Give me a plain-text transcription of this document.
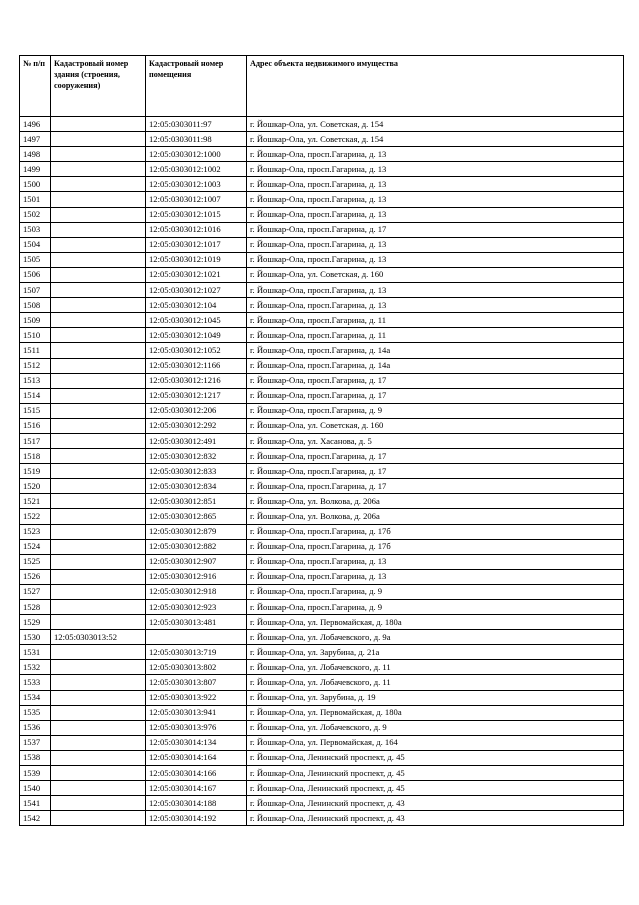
№ п/п	Кадастровый номер здания (строения, сооружения)	Кадастровый номер помещения	Адрес объекта недвижимого имущества
1496		12:05:0303011:97	г. Йошкар-Ола, ул. Советская, д. 154
1497		12:05:0303011:98	г. Йошкар-Ола, ул. Советская, д. 154
1498		12:05:0303012:1000	г. Йошкар-Ола, просп.Гагарина, д. 13
1499		12:05:0303012:1002	г. Йошкар-Ола, просп.Гагарина, д. 13
1500		12:05:0303012:1003	г. Йошкар-Ола, просп.Гагарина, д. 13
1501		12:05:0303012:1007	г. Йошкар-Ола, просп.Гагарина, д. 13
1502		12:05:0303012:1015	г. Йошкар-Ола, просп.Гагарина, д. 13
1503		12:05:0303012:1016	г. Йошкар-Ола, просп.Гагарина, д. 17
1504		12:05:0303012:1017	г. Йошкар-Ола, просп.Гагарина, д. 13
1505		12:05:0303012:1019	г. Йошкар-Ола, просп.Гагарина, д. 13
1506		12:05:0303012:1021	г. Йошкар-Ола, ул. Советская, д. 160
1507		12:05:0303012:1027	г. Йошкар-Ола, просп.Гагарина, д. 13
1508		12:05:0303012:104	г. Йошкар-Ола, просп.Гагарина, д. 13
1509		12:05:0303012:1045	г. Йошкар-Ола, просп.Гагарина, д. 11
1510		12:05:0303012:1049	г. Йошкар-Ола, просп.Гагарина, д. 11
1511		12:05:0303012:1052	г. Йошкар-Ола, просп.Гагарина, д. 14а
1512		12:05:0303012:1166	г. Йошкар-Ола, просп.Гагарина, д. 14а
1513		12:05:0303012:1216	г. Йошкар-Ола, просп.Гагарина, д. 17
1514		12:05:0303012:1217	г. Йошкар-Ола, просп.Гагарина, д. 17
1515		12:05:0303012:206	г. Йошкар-Ола, просп.Гагарина, д. 9
1516		12:05:0303012:292	г. Йошкар-Ола, ул. Советская, д. 160
1517		12:05:0303012:491	г. Йошкар-Ола, ул. Хасанова, д. 5
1518		12:05:0303012:832	г. Йошкар-Ола, просп.Гагарина, д. 17
1519		12:05:0303012:833	г. Йошкар-Ола, просп.Гагарина, д. 17
1520		12:05:0303012:834	г. Йошкар-Ола, просп.Гагарина, д. 17
1521		12:05:0303012:851	г. Йошкар-Ола, ул. Волкова, д. 206а
1522		12:05:0303012:865	г. Йошкар-Ола, ул. Волкова, д. 206а
1523		12:05:0303012:879	г. Йошкар-Ола, просп.Гагарина, д. 17б
1524		12:05:0303012:882	г. Йошкар-Ола, просп.Гагарина, д. 17б
1525		12:05:0303012:907	г. Йошкар-Ола, просп.Гагарина, д. 13
1526		12:05:0303012:916	г. Йошкар-Ола, просп.Гагарина, д. 13
1527		12:05:0303012:918	г. Йошкар-Ола, просп.Гагарина, д. 9
1528		12:05:0303012:923	г. Йошкар-Ола, просп.Гагарина, д. 9
1529		12:05:0303013:481	г. Йошкар-Ола, ул. Первомайская, д. 180а
1530	12:05:0303013:52		г. Йошкар-Ола, ул. Лобачевского, д. 9а
1531		12:05:0303013:719	г. Йошкар-Ола, ул. Зарубина, д. 21а
1532		12:05:0303013:802	г. Йошкар-Ола, ул. Лобачевского, д. 11
1533		12:05:0303013:807	г. Йошкар-Ола, ул. Лобачевского, д. 11
1534		12:05:0303013:922	г. Йошкар-Ола, ул. Зарубина, д. 19
1535		12:05:0303013:941	г. Йошкар-Ола, ул. Первомайская, д. 180а
1536		12:05:0303013:976	г. Йошкар-Ола, ул. Лобачевского, д. 9
1537		12:05:0303014:134	г. Йошкар-Ола, ул. Первомайская, д. 164
1538		12:05:0303014:164	г. Йошкар-Ола, Ленинский проспект, д. 45
1539		12:05:0303014:166	г. Йошкар-Ола, Ленинский проспект, д. 45
1540		12:05:0303014:167	г. Йошкар-Ола, Ленинский проспект, д. 45
1541		12:05:0303014:188	г. Йошкар-Ола, Ленинский проспект, д. 43
1542		12:05:0303014:192	г. Йошкар-Ола, Ленинский проспект, д. 43
